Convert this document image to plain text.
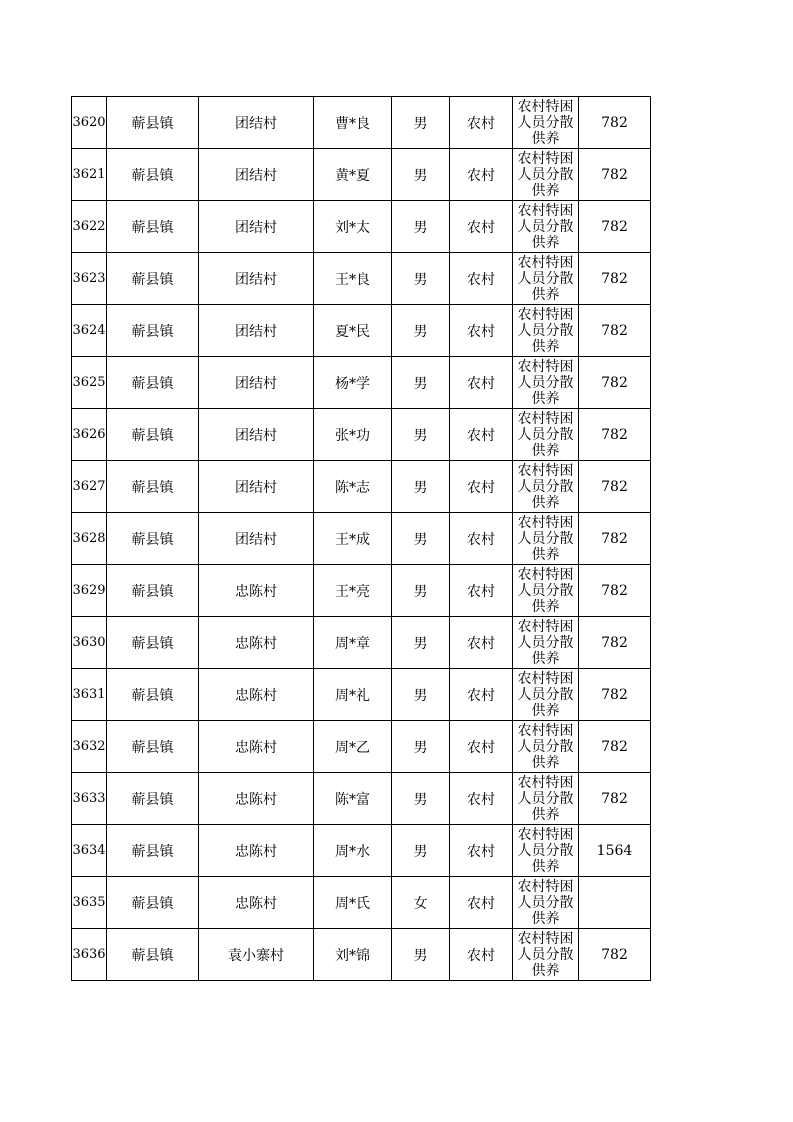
3620	蕲县镇	团结村	曹*良	男	农村	农村特困
人员分散
供养	782
3621	蕲县镇	团结村	黄*夏	男	农村	农村特困
人员分散
供养	782
3622	蕲县镇	团结村	刘*太	男	农村	农村特困
人员分散
供养	782
3623	蕲县镇	团结村	王*良	男	农村	农村特困
人员分散
供养	782
3624	蕲县镇	团结村	夏*民	男	农村	农村特困
人员分散
供养	782
3625	蕲县镇	团结村	杨*学	男	农村	农村特困
人员分散
供养	782
3626	蕲县镇	团结村	张*功	男	农村	农村特困
人员分散
供养	782
3627	蕲县镇	团结村	陈*志	男	农村	农村特困
人员分散
供养	782
3628	蕲县镇	团结村	王*成	男	农村	农村特困
人员分散
供养	782
3629	蕲县镇	忠陈村	王*亮	男	农村	农村特困
人员分散
供养	782
3630	蕲县镇	忠陈村	周*章	男	农村	农村特困
人员分散
供养	782
3631	蕲县镇	忠陈村	周*礼	男	农村	农村特困
人员分散
供养	782
3632	蕲县镇	忠陈村	周*乙	男	农村	农村特困
人员分散
供养	782
3633	蕲县镇	忠陈村	陈*富	男	农村	农村特困
人员分散
供养	782
3634	蕲县镇	忠陈村	周*水	男	农村	农村特困
人员分散
供养	1564
3635	蕲县镇	忠陈村	周*氏	女	农村	农村特困
人员分散
供养	

3636	蕲县镇	袁小寨村	刘*锦	男	农村	农村特困
人员分散
供养	782
